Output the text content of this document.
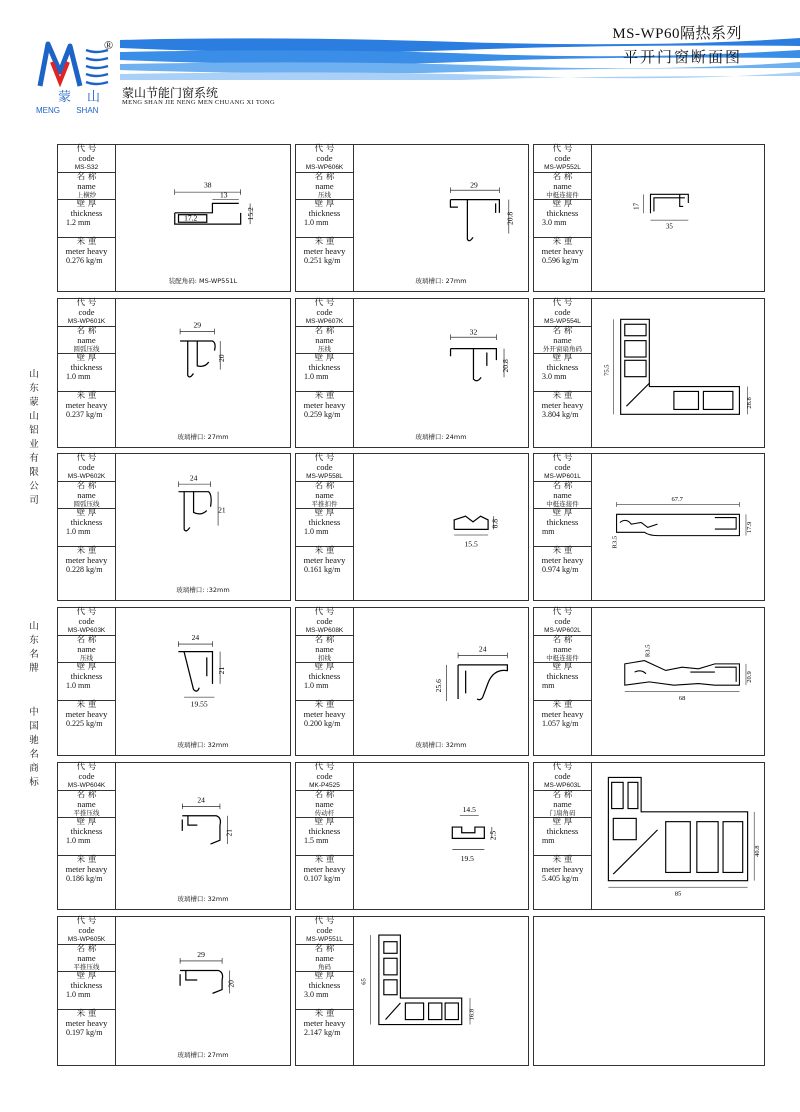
®
蒙山
MENG SHAN
蒙山节能门窗系统
MENG SHAN JIE NENG MEN CHUANG XI TONG
MS-WP60隔热系列
平开门窗断面图
山东蒙山铝业有限公司
山东名牌
中国驰名商标
代 号
code
MS-S32
名 称
name
上横纱
壁 厚
thickness
1.2 mm
米 重
meter heavy
0.276 kg/m
38
13
17.2	15.2
装配角码: MS-WP551L
代 号
code
MS-WP606K
名 称
name
压线
壁 厚
thickness
1.0 mm
米 重
meter heavy
0.251 kg/m
29
20.8
玻璃槽口: 27mm
代 号
code
MS-WP552L
名 称
name
中梃连接件
壁 厚
thickness
3.0 mm
米 重
meter heavy
0.596 kg/m
17
35
代 号
code
MS-WP601K
名 称
name
圆弧压线
壁 厚
thickness
1.0 mm
米 重
meter heavy
0.237 kg/m
29
20
玻璃槽口: 27mm
代 号
code
MS-WP607K
名 称
name
压线
壁 厚
thickness
1.0 mm
米 重
meter heavy
0.259 kg/m
32
20.8
玻璃槽口: 24mm
代 号
code
MS-WP554L
名 称
name
外开窗扇角码
壁 厚
thickness
3.0 mm
米 重
meter heavy
3.804 kg/m
75.5
28.8
代 号
code
MS-WP602K
名 称
name
圆弧压线
壁 厚
thickness
1.0 mm
米 重
meter heavy
0.228 kg/m
24
21
玻璃槽口: :32mm
代 号
code
MS-WP558L
名 称
name
平推扣件
壁 厚
thickness
1.0 mm
米 重
meter heavy
0.161 kg/m
8.8
15.5
代 号
code
MS-WP601L
名 称
name
中梃连接件
壁 厚
thickness
mm
米 重
meter heavy
0.974 kg/m
67.7
17.9
R3.5
代 号
code
MS-WP603K
名 称
name
压线
壁 厚
thickness
1.0 mm
米 重
meter heavy
0.225 kg/m
24
21
19.55
玻璃槽口: 32mm
代 号
code
MS-WP608K
名 称
name
扣线
壁 厚
thickness
1.0 mm
米 重
meter heavy
0.200 kg/m
24
25.6
玻璃槽口: 32mm
代 号
code
MS-WP602L
名 称
name
中梃连接件
壁 厚
thickness
mm
米 重
meter heavy
1.057 kg/m
R3.5
20.9
68
代 号
code
MS-WP604K
名 称
name
平推压线
壁 厚
thickness
1.0 mm
米 重
meter heavy
0.186 kg/m
24
21
玻璃槽口: 32mm
代 号
code
MK-P4525
名 称
name
传动杆
壁 厚
thickness
1.5 mm
米 重
meter heavy
0.107 kg/m
14.5
19.5
2.5
代 号
code
MS-WP603L
名 称
name
门扇角码
壁 厚
thickness
mm
米 重
meter heavy
5.405 kg/m
40.8
85
代 号
code
MS-WP605K
名 称
name
平推压线
壁 厚
thickness
1.0 mm
米 重
meter heavy
0.197 kg/m
29
20
玻璃槽口: 27mm
代 号
code
MS-WP551L
名 称
name
角码
壁 厚
thickness
3.0 mm
米 重
meter heavy
2.147 kg/m
65
16.8
